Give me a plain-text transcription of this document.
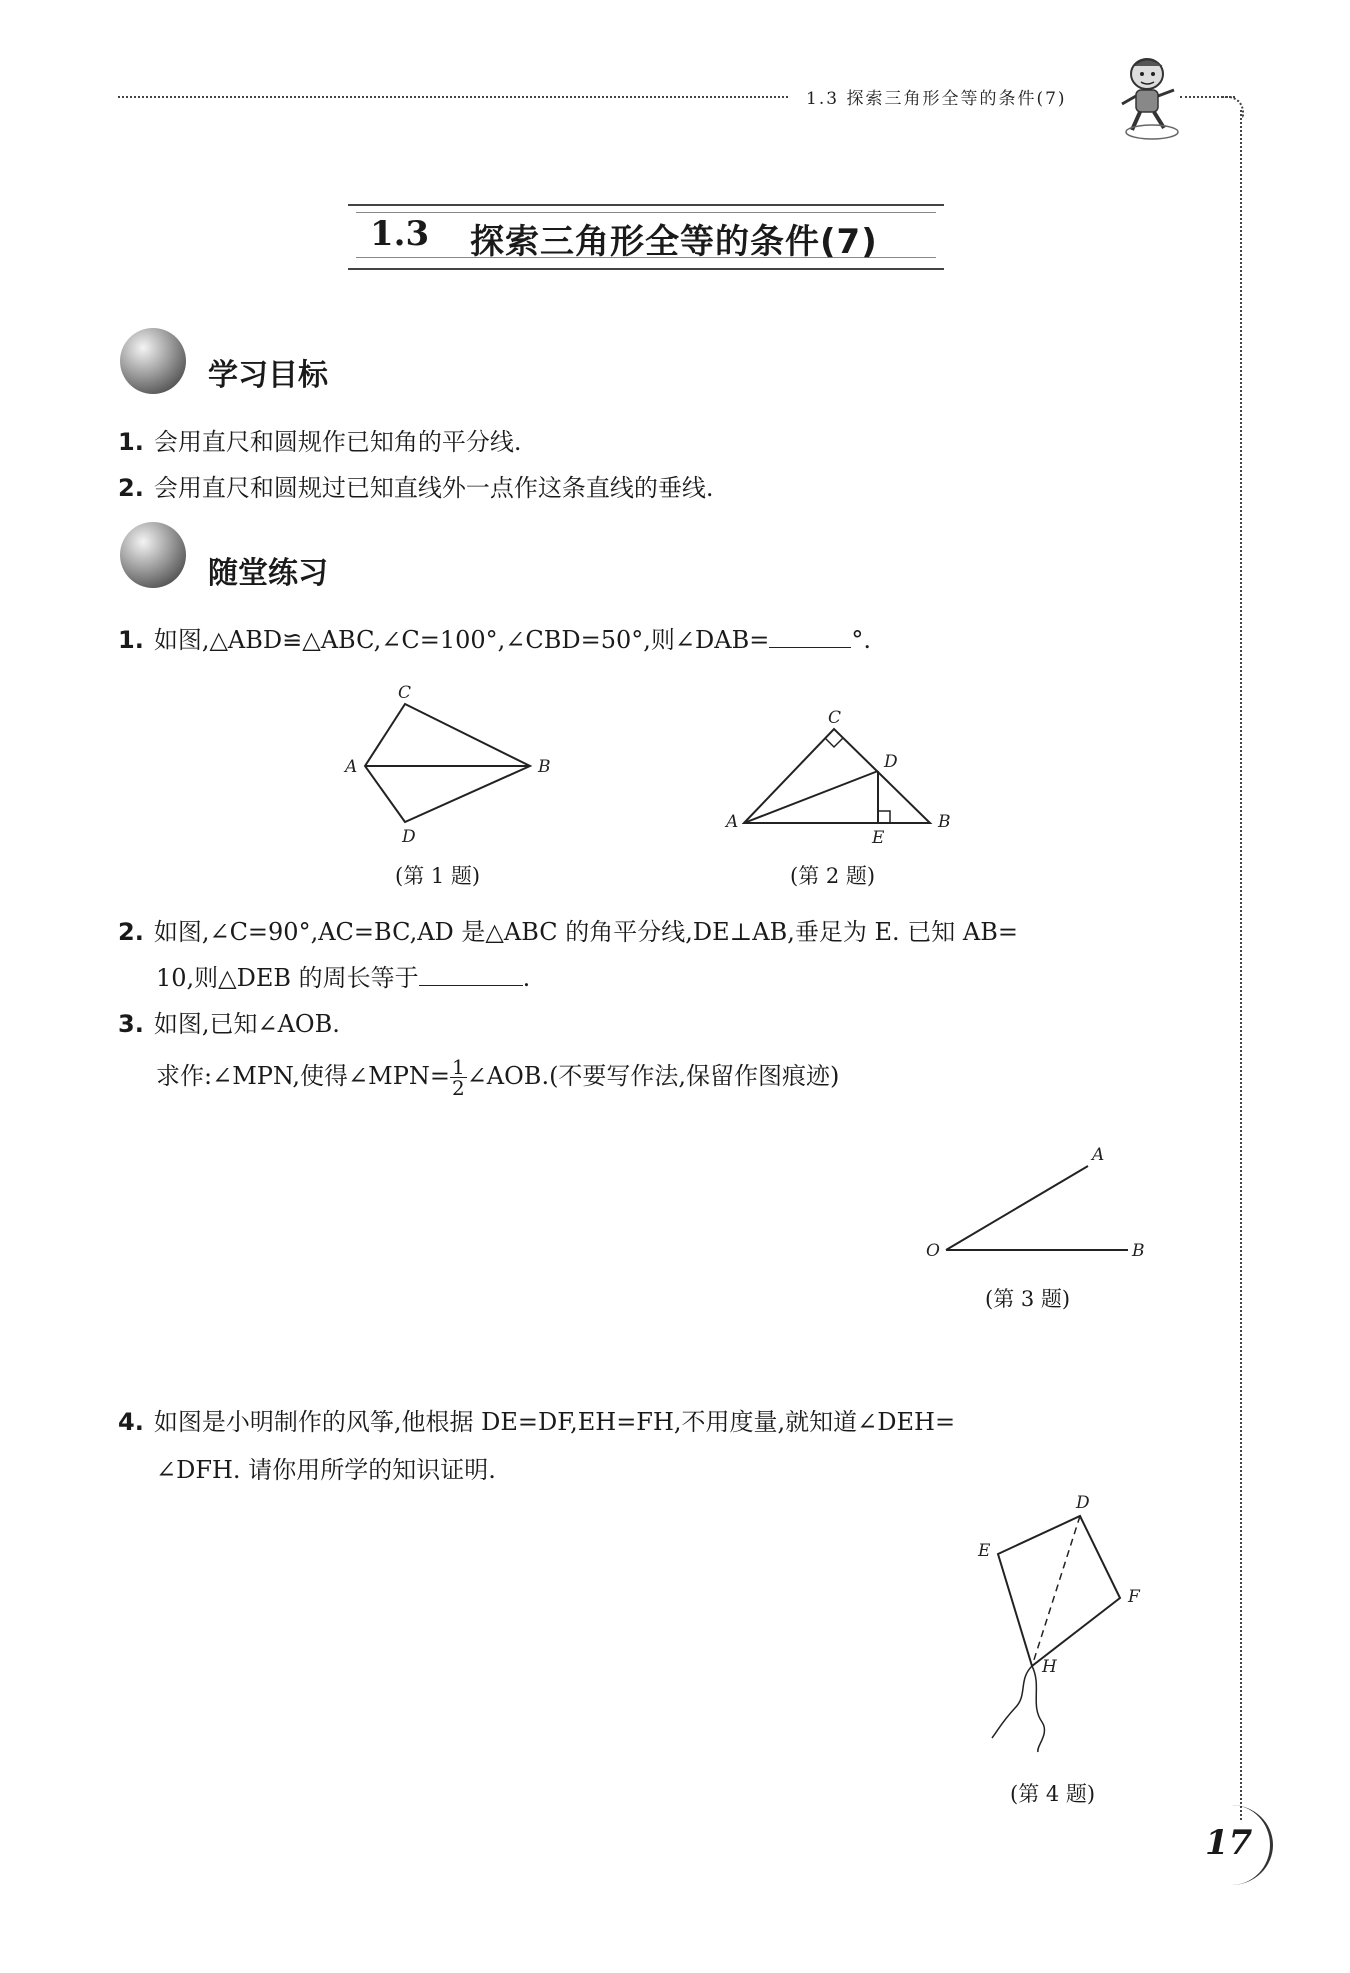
1.3 探索三角形全等的条件(7)
1.3 探索三角形全等的条件(7)
学习目标
1. 会用直尺和圆规作已知角的平分线.
2. 会用直尺和圆规过已知直线外一点作这条直线的垂线.
随堂练习
1. 如图,△ABD≌△ABC,∠C=100°,∠CBD=50°,则∠DAB=	°.
C
A	B
D
(第 1 题)
C
D
A	B
E
(第 2 题)
2. 如图,∠C=90°,AC=BC,AD 是△ABC 的角平分线,DE⊥AB,垂足为 E. 已知 AB=
10,则△DEB 的周长等于	.
3. 如图,已知∠AOB.
求作:∠MPN,使得∠MPN= $\frac{1}{2}$ ∠AOB.(不要写作法,保留作图痕迹)
A
O	B
(第 3 题)
4. 如图是小明制作的风筝,他根据 DE=DF,EH=FH,不用度量,就知道∠DEH=
∠DFH. 请你用所学的知识证明.
D
E
F
H
(第 4 题)
17
